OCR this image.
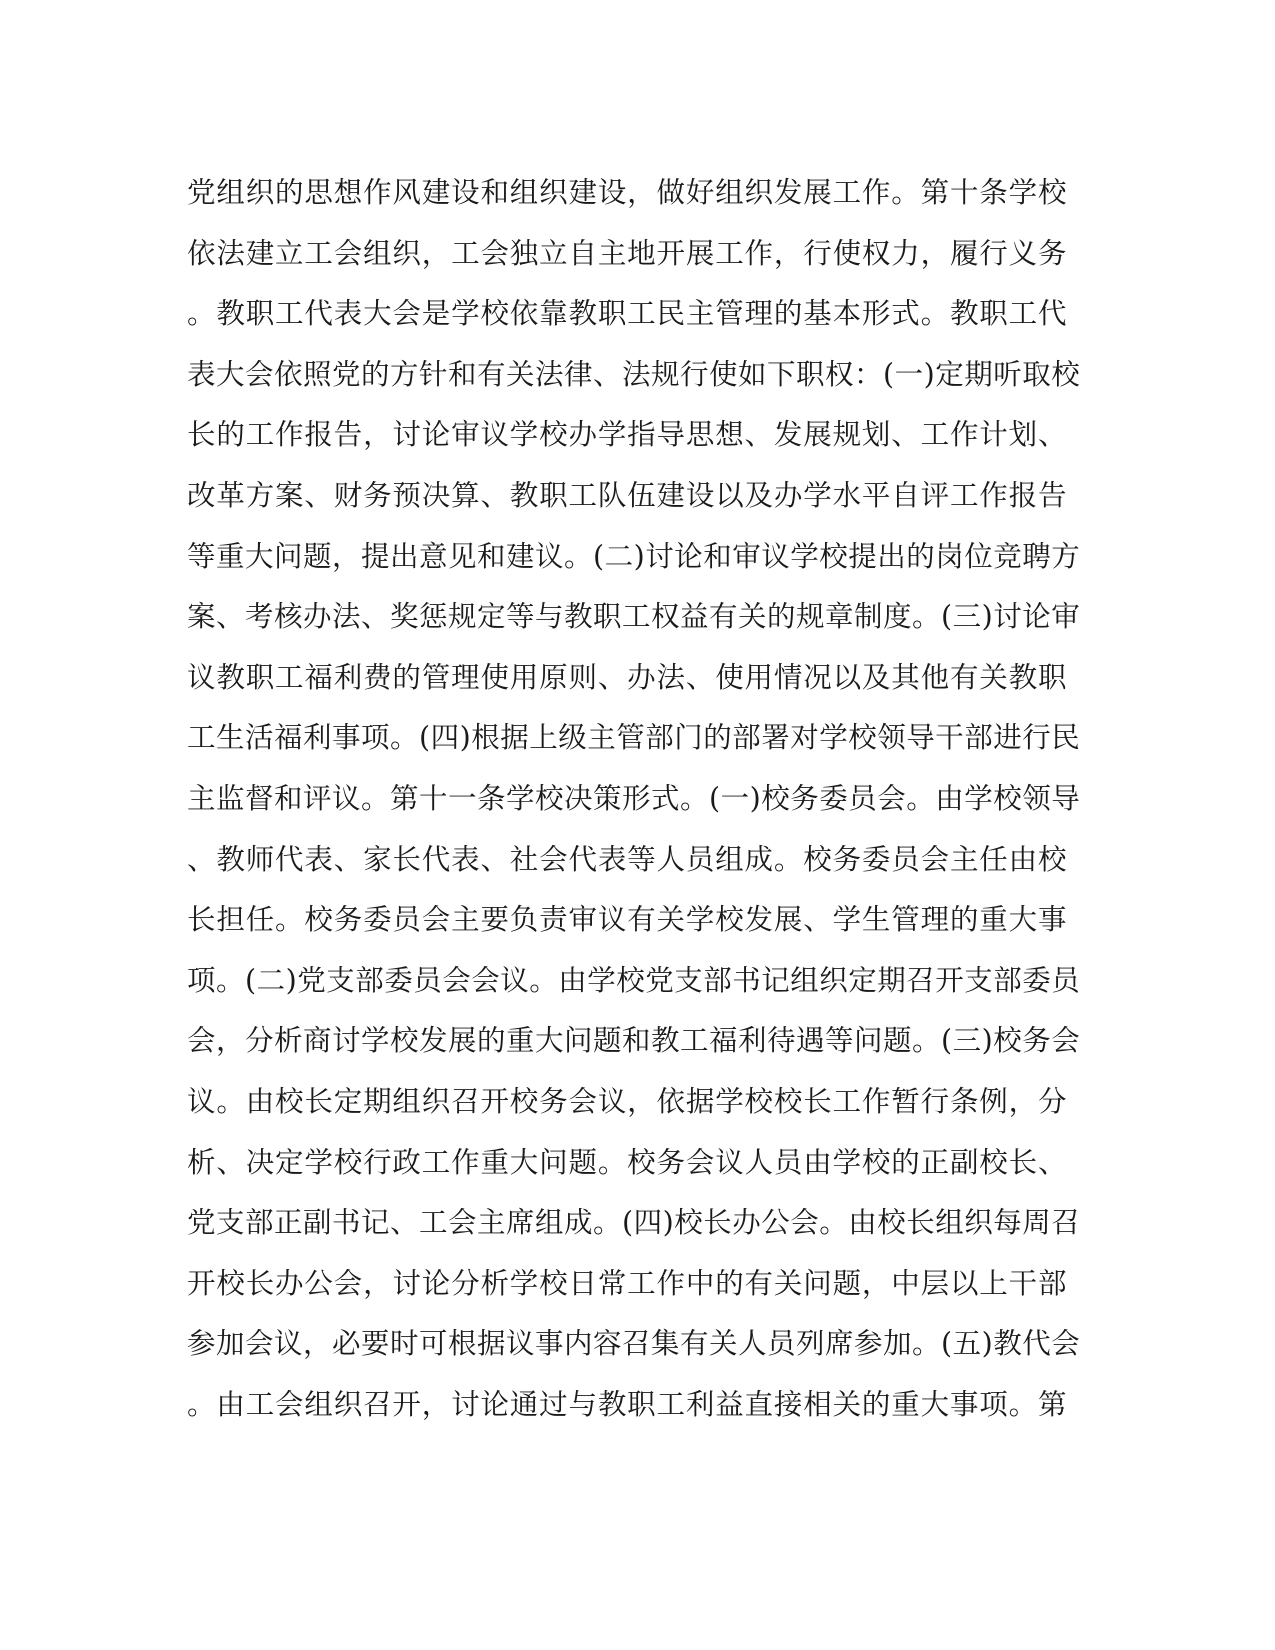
党组织的思想作风建设和组织建设，做好组织发展工作。第十条学校
依法建立工会组织，工会独立自主地开展工作，行使权力，履行义务
。教职工代表大会是学校依靠教职工民主管理的基本形式。教职工代
表大会依照党的方针和有关法律、法规行使如下职权：(一)定期听取校
长的工作报告，讨论审议学校办学指导思想、发展规划、工作计划、
改革方案、财务预决算、教职工队伍建设以及办学水平自评工作报告
等重大问题，提出意见和建议。(二)讨论和审议学校提出的岗位竞聘方
案、考核办法、奖惩规定等与教职工权益有关的规章制度。(三)讨论审
议教职工福利费的管理使用原则、办法、使用情况以及其他有关教职
工生活福利事项。(四)根据上级主管部门的部署对学校领导干部进行民
主监督和评议。第十一条学校决策形式。(一)校务委员会。由学校领导
、教师代表、家长代表、社会代表等人员组成。校务委员会主任由校
长担任。校务委员会主要负责审议有关学校发展、学生管理的重大事
项。(二)党支部委员会会议。由学校党支部书记组织定期召开支部委员
会，分析商讨学校发展的重大问题和教工福利待遇等问题。(三)校务会
议。由校长定期组织召开校务会议，依据学校校长工作暂行条例，分
析、决定学校行政工作重大问题。校务会议人员由学校的正副校长、
党支部正副书记、工会主席组成。(四)校长办公会。由校长组织每周召
开校长办公会，讨论分析学校日常工作中的有关问题，中层以上干部
参加会议，必要时可根据议事内容召集有关人员列席参加。(五)教代会
。由工会组织召开，讨论通过与教职工利益直接相关的重大事项。第
